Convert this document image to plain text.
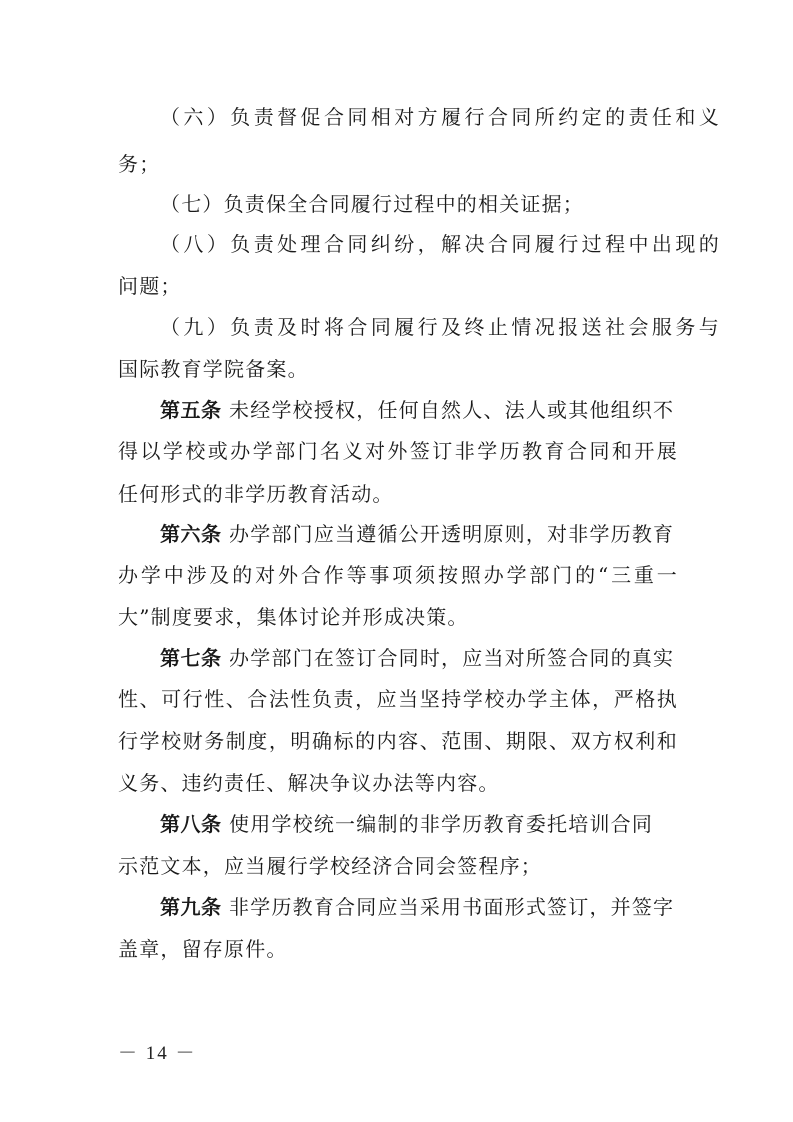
（六）负责督促合同相对方履行合同所约定的责任和义
务；
（七）负责保全合同履行过程中的相关证据；
（八）负责处理合同纠纷，解决合同履行过程中出现的
问题；
（九）负责及时将合同履行及终止情况报送社会服务与
国际教育学院备案。
第五条 未经学校授权，任何自然人、法人或其他组织不
得以学校或办学部门名义对外签订非学历教育合同和开展
任何形式的非学历教育活动。
第六条 办学部门应当遵循公开透明原则，对非学历教育
办学中涉及的对外合作等事项须按照办学部门的“三重一
大”制度要求，集体讨论并形成决策。
第七条 办学部门在签订合同时，应当对所签合同的真实
性、可行性、合法性负责，应当坚持学校办学主体，严格执
行学校财务制度，明确标的内容、范围、期限、双方权利和
义务、违约责任、解决争议办法等内容。
第八条 使用学校统一编制的非学历教育委托培训合同
示范文本，应当履行学校经济合同会签程序；
第九条 非学历教育合同应当采用书面形式签订，并签字
盖章，留存原件。
－ 14 －
